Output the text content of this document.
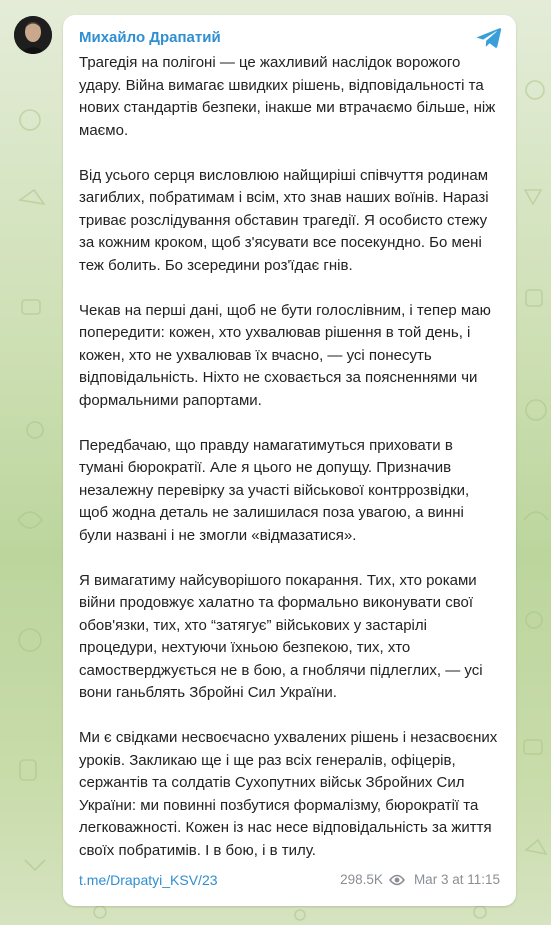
Михайло Драпатий

Трагедія на полігоні — це жахливий наслідок ворожого удару. Війна вимагає швидких рішень, відповідальності та нових стандартів безпеки, інакше ми втрачаємо більше, ніж маємо.

Від усього серця висловлюю найщиріші співчуття родинам загиблих, побратимам і всім, хто знав наших воїнів. Наразі триває розслідування обставин трагедії. Я особисто стежу за кожним кроком, щоб з'ясувати все посекундно. Бо мені теж болить. Бо зсередини роз'їдає гнів.

Чекав на перші дані, щоб не бути голослівним, і тепер маю попередити: кожен, хто ухвалював рішення в той день, і кожен, хто не ухвалював їх вчасно, — усі понесуть відповідальність. Ніхто не сховається за поясненнями чи формальними рапортами.

Передбачаю, що правду намагатимуться приховати в тумані бюрократії. Але я цього не допущу. Призначив незалежну перевірку за участі військової контррозвідки, щоб жодна деталь не залишилася поза увагою, а винні були названі і не змогли «відмазатися».

Я вимагатиму найсуворішого покарання. Тих, хто роками війни продовжує халатно та формально виконувати свої обов'язки, тих, хто “затягує” військових у застарілі процедури, нехтуючи їхньою безпекою, тих, хто самостверджується не в бою, а гноблячи підлеглих, — усі вони ганьблять Збройні Сил України.

Ми є свідками несвоєчасно ухвалених рішень і незасвоєних уроків. Закликаю ще і ще раз всіх генералів, офіцерів, сержантів та солдатів Сухопутних військ Збройних Сил України: ми повинні позбутися формалізму, бюрократії та легковажності. Кожен із нас несе відповідальність за життя своїх побратимів. І в бою, і в тилу.

t.me/Drapatyi_KSV/23	298.5K Mar 3 at 11:15
